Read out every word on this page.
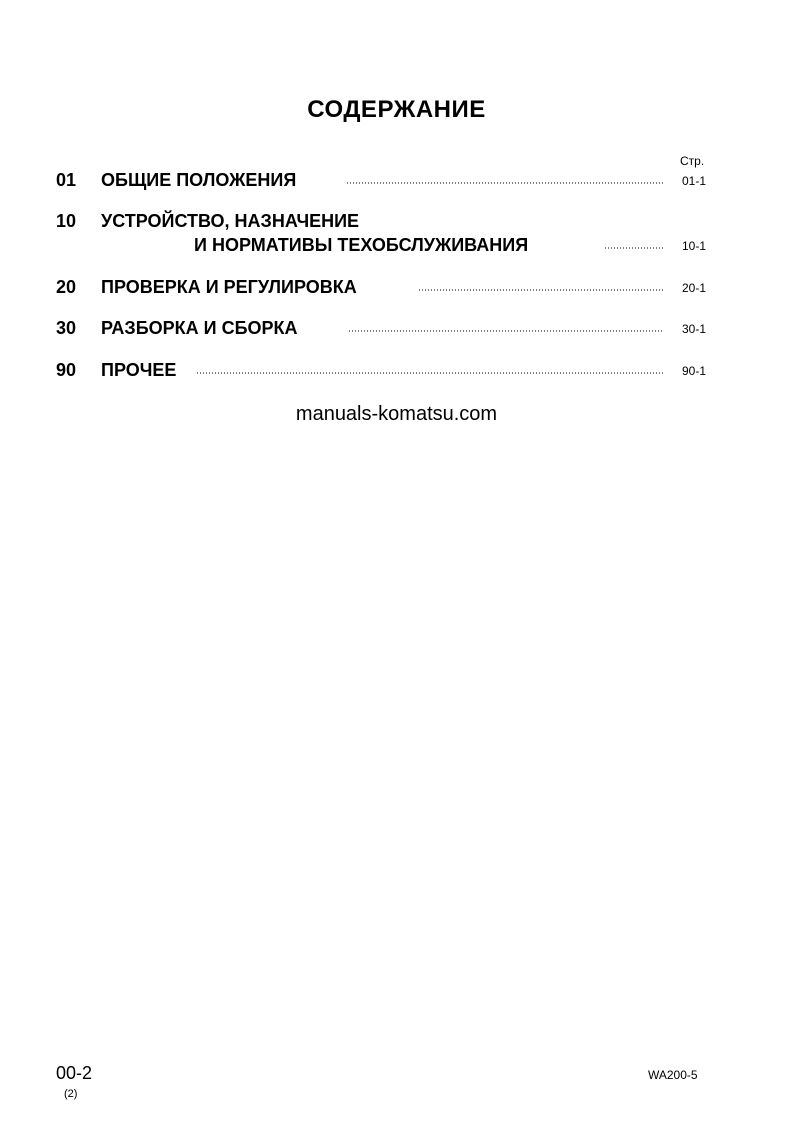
СОДЕРЖАНИЕ
Стр.
01 ОБЩИЕ ПОЛОЖЕНИЯ	01-1
10 УСТРОЙСТВО, НАЗНАЧЕНИЕ
И НОРМАТИВЫ ТЕХОБСЛУЖИВАНИЯ	10-1
20 ПРОВЕРКА И РЕГУЛИРОВКА	20-1
30 РАЗБОРКА И СБОРКА	30-1
90 ПРОЧЕЕ	90-1
manuals-komatsu.com
00-2
(2)
WA200-5
